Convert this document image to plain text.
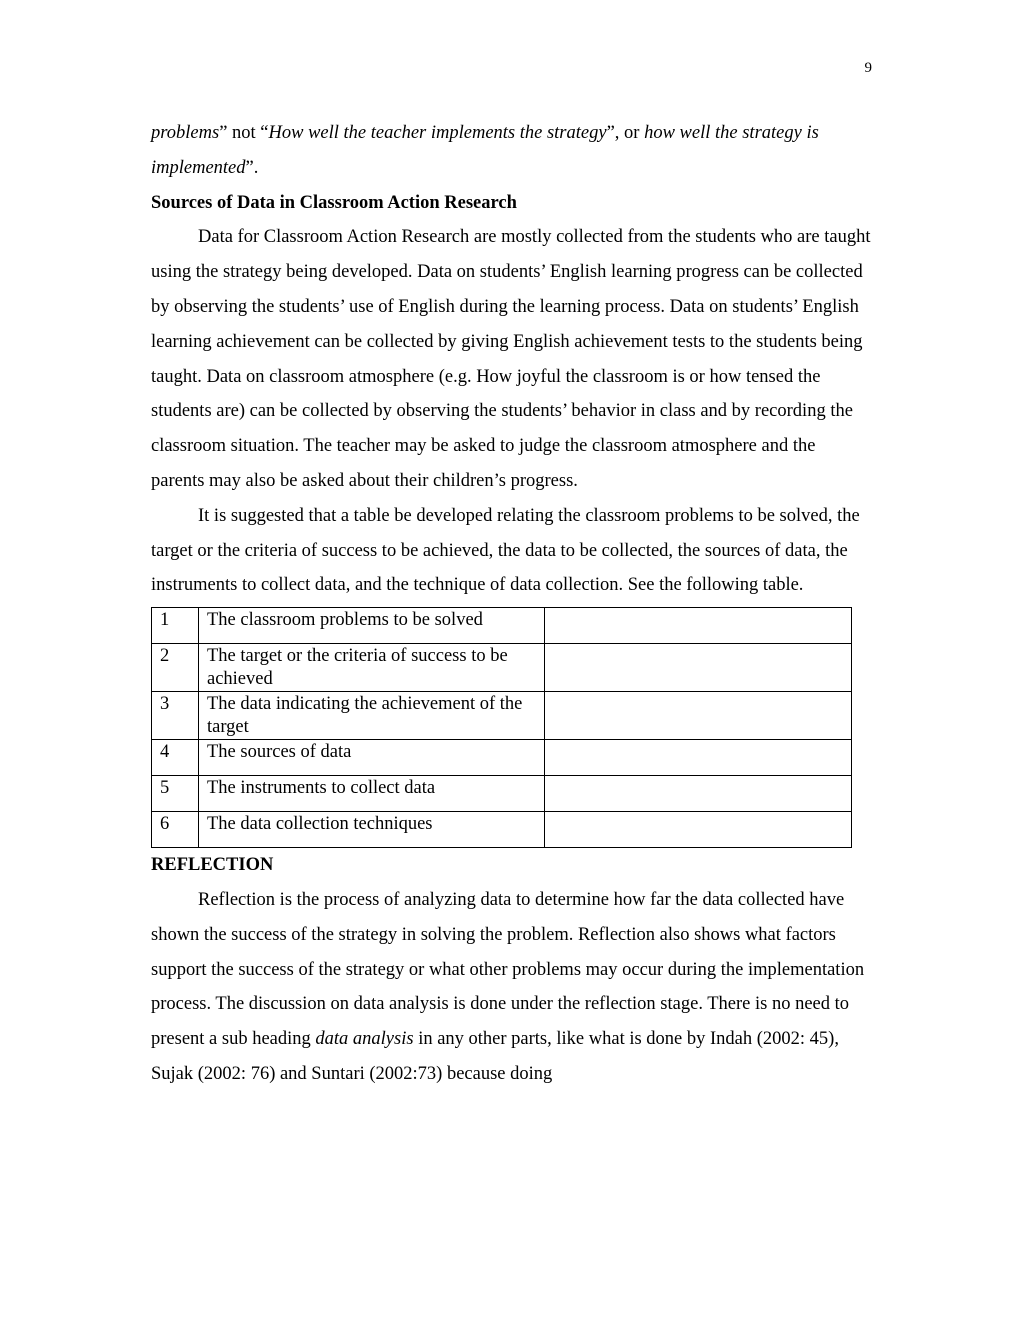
9

problems” not “How well the teacher implements the strategy”, or how well the strategy is implemented”.

Sources of Data in Classroom Action Research

Data for Classroom Action Research are mostly collected from the students who are taught using the strategy being developed. Data on students’ English learning progress can be collected by observing the students’ use of English during the learning process. Data on students’ English learning achievement can be collected by giving English achievement tests to the students being taught. Data on classroom atmosphere (e.g. How joyful the classroom is or how tensed the students are) can be collected by observing the students’ behavior in class and by recording the classroom situation. The teacher may be asked to judge the classroom atmosphere and the parents may also be asked about their children’s progress.

It is suggested that a table be developed relating the classroom problems to be solved, the target or the criteria of success to be achieved, the data to be collected, the sources of data, the instruments to collect data, and the technique of data collection. See the following table.

1	The classroom problems to be solved	
2	The target or the criteria of success to be achieved	
3	The data indicating the achievement of the target	
4	The sources of data	
5	The instruments to collect data	
6	The data collection techniques	

REFLECTION

Reflection is the process of analyzing data to determine how far the data collected have shown the success of the strategy in solving the problem. Reflection also shows what factors support the success of the strategy or what other problems may occur during the implementation process. The discussion on data analysis is done under the reflection stage. There is no need to present a sub heading data analysis in any other parts, like what is done by Indah (2002: 45), Sujak (2002: 76) and Suntari (2002:73) because doing
